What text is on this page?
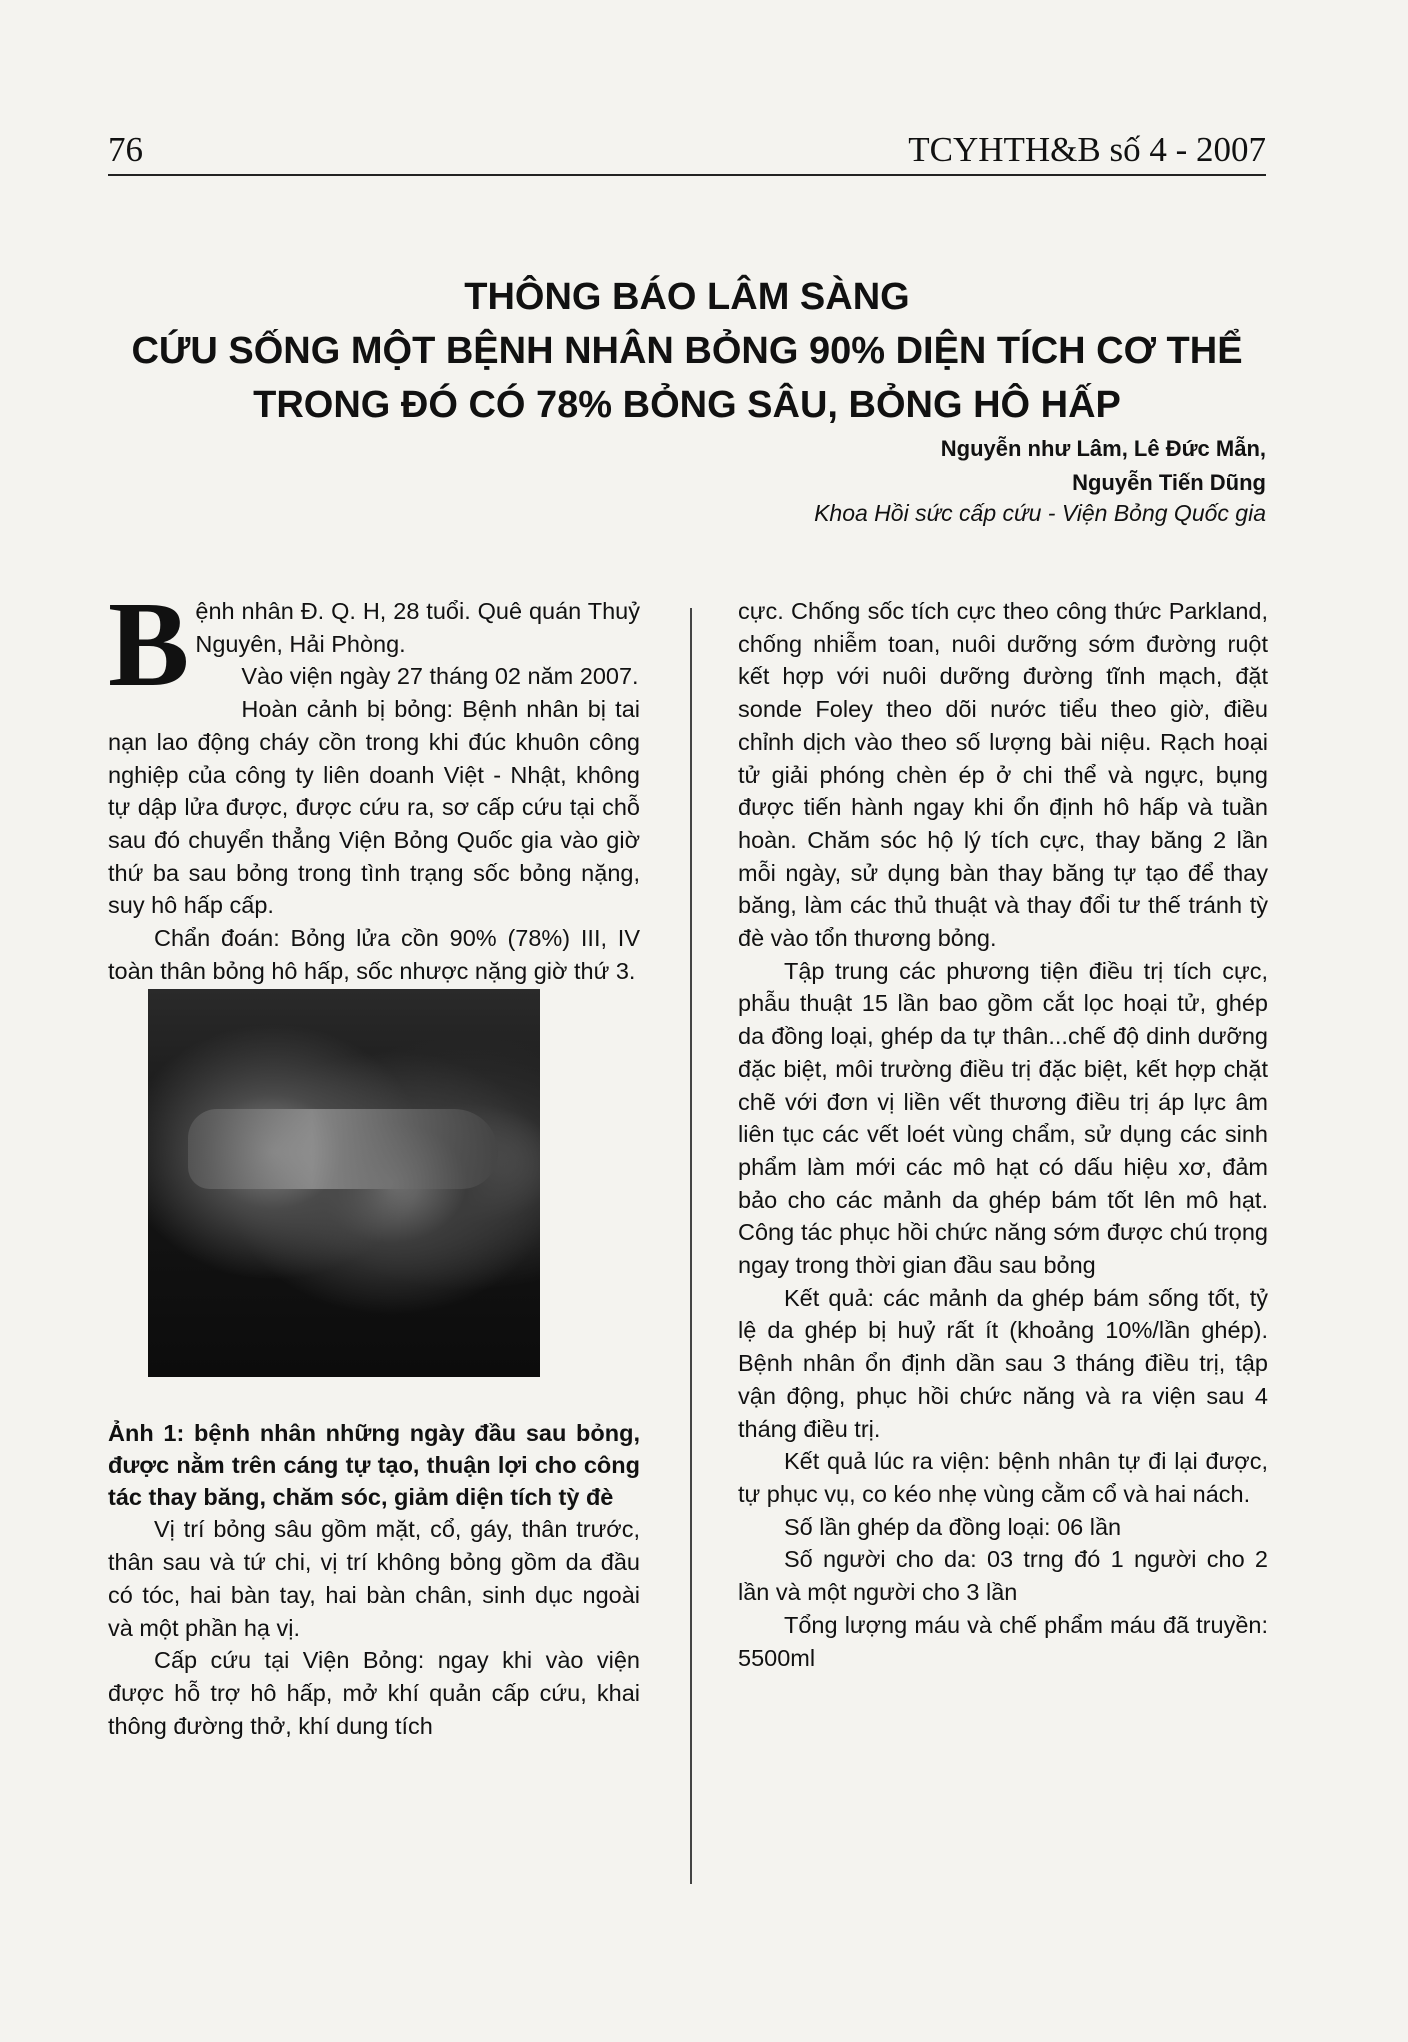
76	TCYHTH&B số 4 - 2007
THÔNG BÁO LÂM SÀNG
CỨU SỐNG MỘT BỆNH NHÂN BỎNG 90% DIỆN TÍCH CƠ THỂ
TRONG ĐÓ CÓ 78% BỎNG SÂU, BỎNG HÔ HẤP
Nguyễn như Lâm, Lê Đức Mẫn,
Nguyễn Tiến Dũng
Khoa Hồi sức cấp cứu - Viện Bỏng Quốc gia
B ệnh nhân Đ. Q. H, 28 tuổi. Quê quán Thuỷ Nguyên, Hải Phòng.

Vào viện ngày 27 tháng 02 năm 2007.

Hoàn cảnh bị bỏng: Bệnh nhân bị tai nạn lao động cháy cồn trong khi đúc khuôn công nghiệp của công ty liên doanh Việt - Nhật, không tự dập lửa được, được cứu ra, sơ cấp cứu tại chỗ sau đó chuyển thẳng Viện Bỏng Quốc gia vào giờ thứ ba sau bỏng trong tình trạng sốc bỏng nặng, suy hô hấp cấp.

Chẩn đoán: Bỏng lửa cồn 90% (78%) III, IV toàn thân bỏng hô hấp, sốc nhược nặng giờ thứ 3.

Ảnh 1: bệnh nhân những ngày đầu sau bỏng, được nằm trên cáng tự tạo, thuận lợi cho công tác thay băng, chăm sóc, giảm diện tích tỳ đè

Vị trí bỏng sâu gồm mặt, cổ, gáy, thân trước, thân sau và tứ chi, vị trí không bỏng gồm da đầu có tóc, hai bàn tay, hai bàn chân, sinh dục ngoài và một phần hạ vị.

Cấp cứu tại Viện Bỏng: ngay khi vào viện được hỗ trợ hô hấp, mở khí quản cấp cứu, khai thông đường thở, khí dung tích

cực. Chống sốc tích cực theo công thức Parkland, chống nhiễm toan, nuôi dưỡng sớm đường ruột kết hợp với nuôi dưỡng đường tĩnh mạch, đặt sonde Foley theo dõi nước tiểu theo giờ, điều chỉnh dịch vào theo số lượng bài niệu. Rạch hoại tử giải phóng chèn ép ở chi thể và ngực, bụng được tiến hành ngay khi ổn định hô hấp và tuần hoàn. Chăm sóc hộ lý tích cực, thay băng 2 lần mỗi ngày, sử dụng bàn thay băng tự tạo để thay băng, làm các thủ thuật và thay đổi tư thế tránh tỳ đè vào tổn thương bỏng.

Tập trung các phương tiện điều trị tích cực, phẫu thuật 15 lần bao gồm cắt lọc hoại tử, ghép da đồng loại, ghép da tự thân...chế độ dinh dưỡng đặc biệt, môi trường điều trị đặc biệt, kết hợp chặt chẽ với đơn vị liền vết thương điều trị áp lực âm liên tục các vết loét vùng chẩm, sử dụng các sinh phẩm làm mới các mô hạt có dấu hiệu xơ, đảm bảo cho các mảnh da ghép bám tốt lên mô hạt. Công tác phục hồi chức năng sớm được chú trọng ngay trong thời gian đầu sau bỏng

Kết quả: các mảnh da ghép bám sống tốt, tỷ lệ da ghép bị huỷ rất ít (khoảng 10%/lần ghép). Bệnh nhân ổn định dần sau 3 tháng điều trị, tập vận động, phục hồi chức năng và ra viện sau 4 tháng điều trị.

Kết quả lúc ra viện: bệnh nhân tự đi lại được, tự phục vụ, co kéo nhẹ vùng cằm cổ và hai nách.

Số lần ghép da đồng loại: 06 lần

Số người cho da: 03 trng đó 1 người cho 2 lần và một người cho 3 lần

Tổng lượng máu và chế phẩm máu đã truyền: 5500ml
